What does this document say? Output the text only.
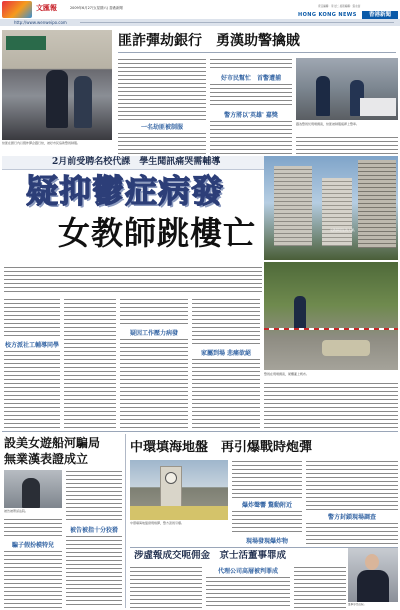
文匯報	2009年6月27日(星期六) 香港新聞	責任編輯：李文仁 美術編輯：張永信
HONG KONG NEWS	香港新聞
http://www.wenweipo.com
匪詐彈劫銀行　勇漢助警擒賊
劫匪在銀行內以假炸彈企圖行劫，被好市民協助警員制服。
一名劫匪被制服
好市民幫忙　首警遭捕
警方將以'英雄' 嘉獎
圖為警員於現場調查，劫匪被制服後押上警車。
2月前受聘名校代課　學生聞訊痛哭需輔導
疑抑鬱症病發
女教師跳樓亡	女教師居住的大廈。
校方派社工輔導同學
疑因工作壓力病發
家屬到場 悲痛欲絕
警員在現場調查，屍體蓋上帆布。
設美女遊船河騙局
無業漢表證成立
被告被帶返法院。
騙子假扮模特兒
被告被指十分狡猾
中環填海地盤　再引爆戰時炮彈
中環填海地盤發現炮彈，警方派員引爆。
爆炸聲響 驚動附近
現場發現爆炸物
警方封鎖現場調查
涉虛報成交呃佣金　京士活董事罪成
代理公司高層被判罪成
董事步出法院。
